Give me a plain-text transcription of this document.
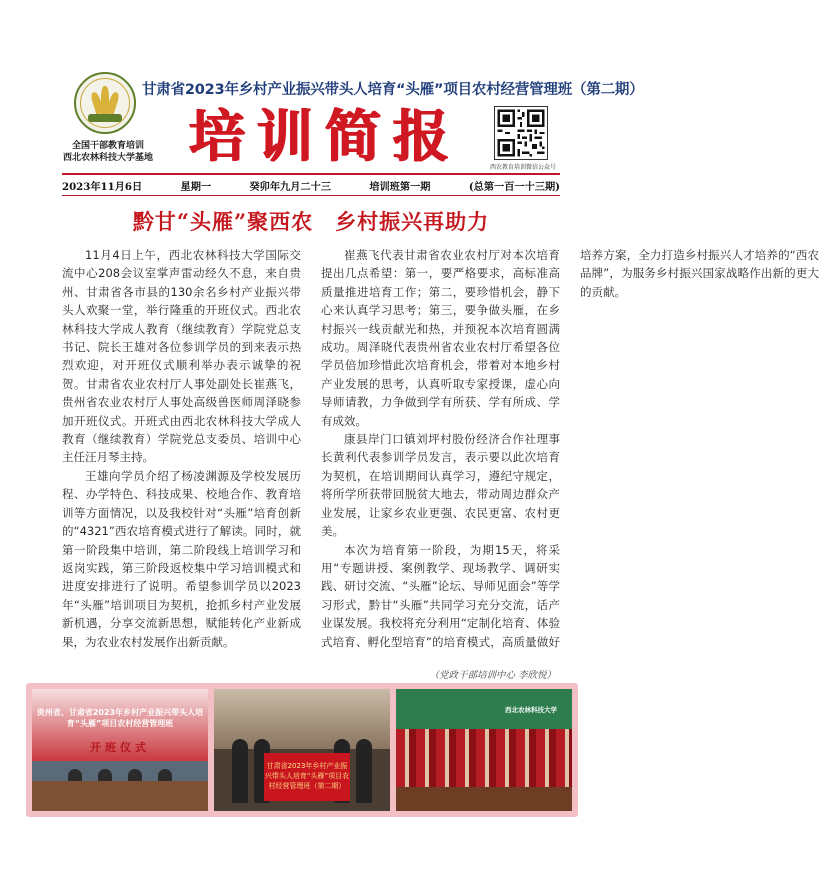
全国干部教育培训
西北农林科技大学基地
甘肃省2023年乡村产业振兴带头人培育“头雁”项目农村经营管理班（第二期）
培训简报	西农教育培训微信公众号
2023年11月6日	星期一	癸卯年九月二十三	培训班第一期	(总第一百一十三期)
黔甘“头雁”聚西农　乡村振兴再助力

11月4日上午，西北农林科技大学国际交流中心208会议室掌声雷动经久不息，来自贵州、甘肃省各市县的130余名乡村产业振兴带头人欢聚一堂，举行隆重的开班仪式。西北农林科技大学成人教育（继续教育）学院党总支书记、院长王雄对各位参训学员的到来表示热烈欢迎，对开班仪式顺利举办表示诚挚的祝贺。甘肃省农业农村厅人事处副处长崔燕飞，贵州省农业农村厅人事处高级兽医师周泽晓参加开班仪式。开班式由西北农林科技大学成人教育（继续教育）学院党总支委员、培训中心主任汪月琴主持。

王雄向学员介绍了杨凌渊源及学校发展历程、办学特色、科技成果、校地合作、教育培训等方面情况，以及我校针对“头雁”培育创新的“4321”西农培育模式进行了解读。同时，就第一阶段集中培训，第二阶段线上培训学习和返岗实践，第三阶段返校集中学习培训模式和进度安排进行了说明。希望参训学员以2023年“头雁”培训项目为契机，抢抓乡村产业发展新机遇，分享交流新思想，赋能转化产业新成果，为农业农村发展作出新贡献。

崔燕飞代表甘肃省农业农村厅对本次培育提出几点希望：第一，要严格要求，高标准高质量推进培育工作；第二，要珍惜机会，静下心来认真学习思考；第三，要争做头雁，在乡村振兴一线贡献光和热，并预祝本次培育圆满成功。周泽晓代表贵州省农业农村厅希望各位学员倍加珍惜此次培育机会，带着对本地乡村产业发展的思考，认真听取专家授课，虚心向导师请教，力争做到学有所获、学有所成、学有成效。

康县岸门口镇刘坪村股份经济合作社理事长黄利代表参训学员发言，表示要以此次培育为契机，在培训期间认真学习，遵纪守规定，将所学所获带回脱贫大地去，带动周边群众产业发展，让家乡农业更强、农民更富、农村更美。

本次为培育第一阶段，为期15天，将采用“专题讲授、案例教学、现场教学、调研实践、研讨交流、“头雁”论坛、导师见面会”等学习形式，黔甘“头雁”共同学习充分交流，话产业谋发展。我校将充分利用“定制化培育、体验式培育、孵化型培育”的培育模式，高质量做好培养方案，全力打造乡村振兴人才培养的“西农品牌”，为服务乡村振兴国家战略作出新的更大的贡献。

（党政干部培训中心 李欣悦）
贵州省、甘肃省2023年乡村产业振兴带头人培育“头雁”项目农村经营管理班
开班仪式
甘肃省2023年乡村产业振兴带头人培育“头雁”项目农村经营管理班（第二期）
西北农林科技大学
